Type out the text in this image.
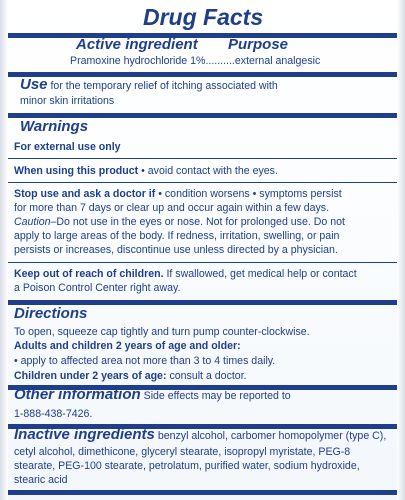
Drug Facts
Active ingredient Purpose
Pramoxine hydrochloride 1%..........external analgesic
Use for the temporary relief of itching associated with
minor skin irritations
Warnings
For external use only
When using this product • avoid contact with the eyes.
Stop use and ask a doctor if • condition worsens • symptoms persist
for more than 7 days or clear up and occur again within a few days.
Caution–Do not use in the eyes or nose. Not for prolonged use. Do not
apply to large areas of the body. If redness, irritation, swelling, or pain
persists or increases, discontinue use unless directed by a physician.
Keep out of reach of children. If swallowed, get medical help or contact
a Poison Control Center right away.
Directions
To open, squeeze cap tightly and turn pump counter-clockwise.
Adults and children 2 years of age and older:
• apply to affected area not more than 3 to 4 times daily.
Children under 2 years of age: consult a doctor.
Other information Side effects may be reported to
1-888-438-7426.
Inactive ingredients benzyl alcohol, carbomer homopolymer (type C),
cetyl alcohol, dimethicone, glyceryl stearate, isopropyl myristate, PEG-8
stearate, PEG-100 stearate, petrolatum, purified water, sodium hydroxide,
stearic acid
